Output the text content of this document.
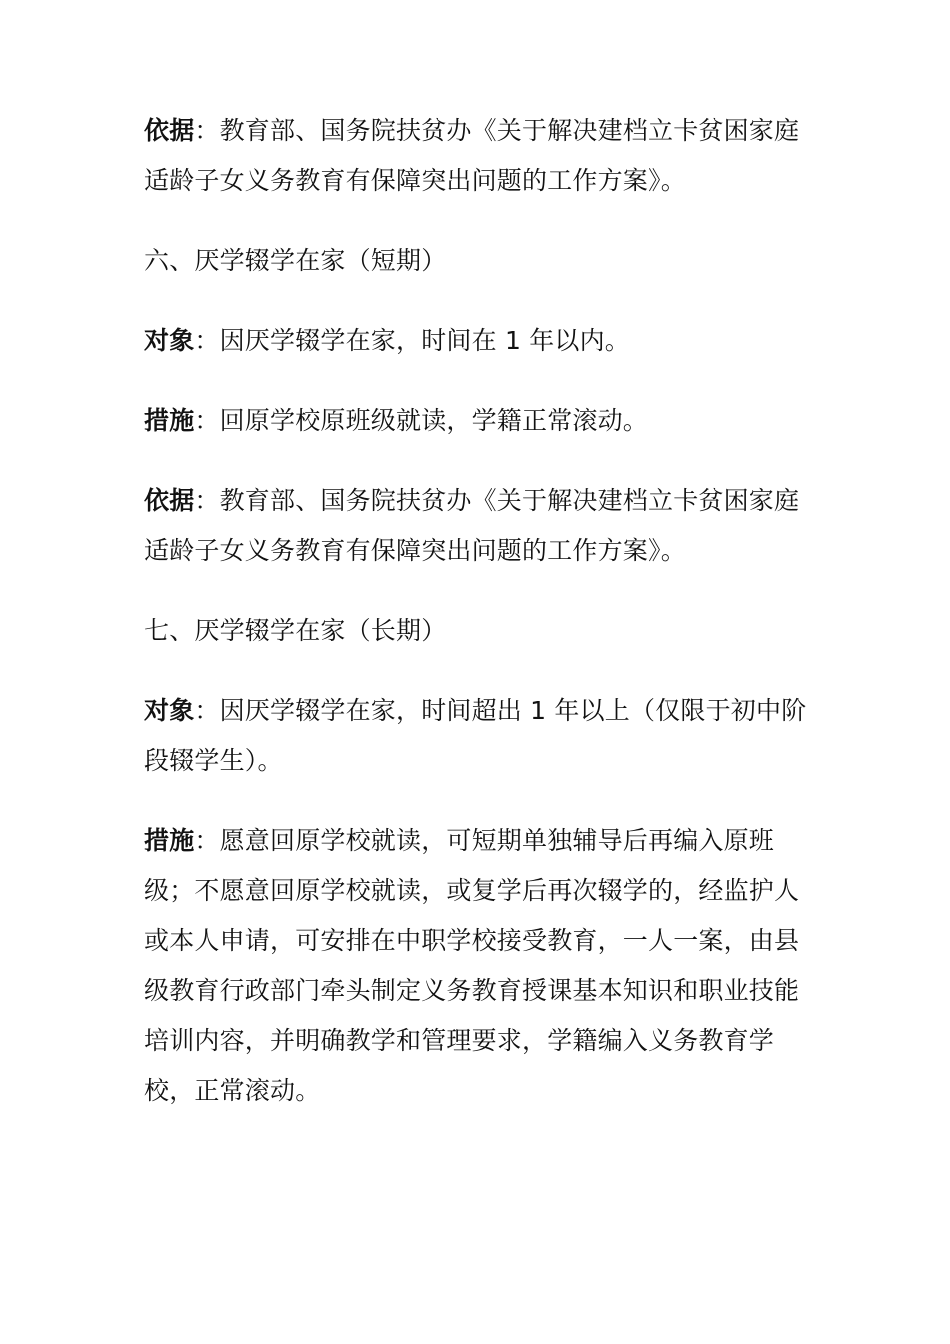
依据：教育部、国务院扶贫办《关于解决建档立卡贫困家庭适龄子女义务教育有保障突出问题的工作方案》。

六、厌学辍学在家（短期）

对象：因厌学辍学在家，时间在 1 年以内。

措施：回原学校原班级就读，学籍正常滚动。

依据：教育部、国务院扶贫办《关于解决建档立卡贫困家庭适龄子女义务教育有保障突出问题的工作方案》。

七、厌学辍学在家（长期）

对象：因厌学辍学在家，时间超出 1 年以上（仅限于初中阶段辍学生）。

措施：愿意回原学校就读，可短期单独辅导后再编入原班级；不愿意回原学校就读，或复学后再次辍学的，经监护人或本人申请，可安排在中职学校接受教育，一人一案，由县级教育行政部门牵头制定义务教育授课基本知识和职业技能培训内容，并明确教学和管理要求，学籍编入义务教育学校，正常滚动。
